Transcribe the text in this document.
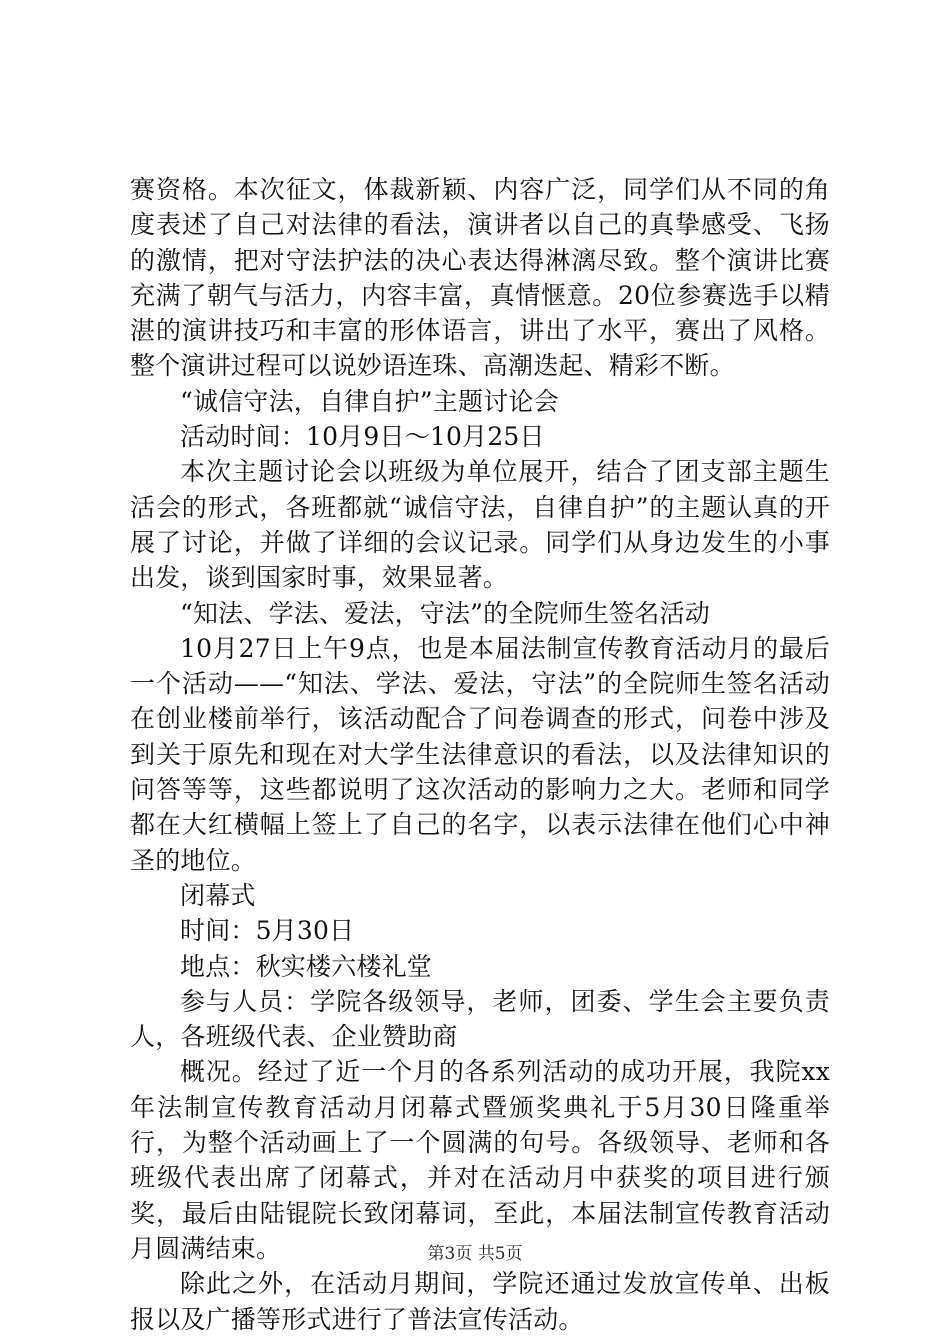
赛资格。本次征文，体裁新颖、内容广泛，同学们从不同的角度表述了自己对法律的看法，演讲者以自己的真挚感受、飞扬的激情，把对守法护法的决心表达得淋漓尽致。整个演讲比赛充满了朝气与活力，内容丰富，真情惬意。20位参赛选手以精湛的演讲技巧和丰富的形体语言，讲出了水平，赛出了风格。整个演讲过程可以说妙语连珠、高潮迭起、精彩不断。

“诚信守法，自律自护”主题讨论会

活动时间：10月9日～10月25日

本次主题讨论会以班级为单位展开，结合了团支部主题生活会的形式，各班都就“诚信守法，自律自护”的主题认真的开展了讨论，并做了详细的会议记录。同学们从身边发生的小事出发，谈到国家时事，效果显著。

“知法、学法、爱法，守法”的全院师生签名活动

10月27日上午9点，也是本届法制宣传教育活动月的最后一个活动——“知法、学法、爱法，守法”的全院师生签名活动在创业楼前举行，该活动配合了问卷调查的形式，问卷中涉及到关于原先和现在对大学生法律意识的看法，以及法律知识的问答等等，这些都说明了这次活动的影响力之大。老师和同学都在大红横幅上签上了自己的名字，以表示法律在他们心中神圣的地位。

闭幕式

时间：5月30日

地点：秋实楼六楼礼堂

参与人员：学院各级领导，老师，团委、学生会主要负责人，各班级代表、企业赞助商

概况。经过了近一个月的各系列活动的成功开展，我院xx年法制宣传教育活动月闭幕式暨颁奖典礼于5月30日隆重举行，为整个活动画上了一个圆满的句号。各级领导、老师和各班级代表出席了闭幕式，并对在活动月中获奖的项目进行颁奖，最后由陆锟院长致闭幕词，至此，本届法制宣传教育活动月圆满结束。

除此之外，在活动月期间，学院还通过发放宣传单、出板报以及广播等形式进行了普法宣传活动。

第3页 共5页
